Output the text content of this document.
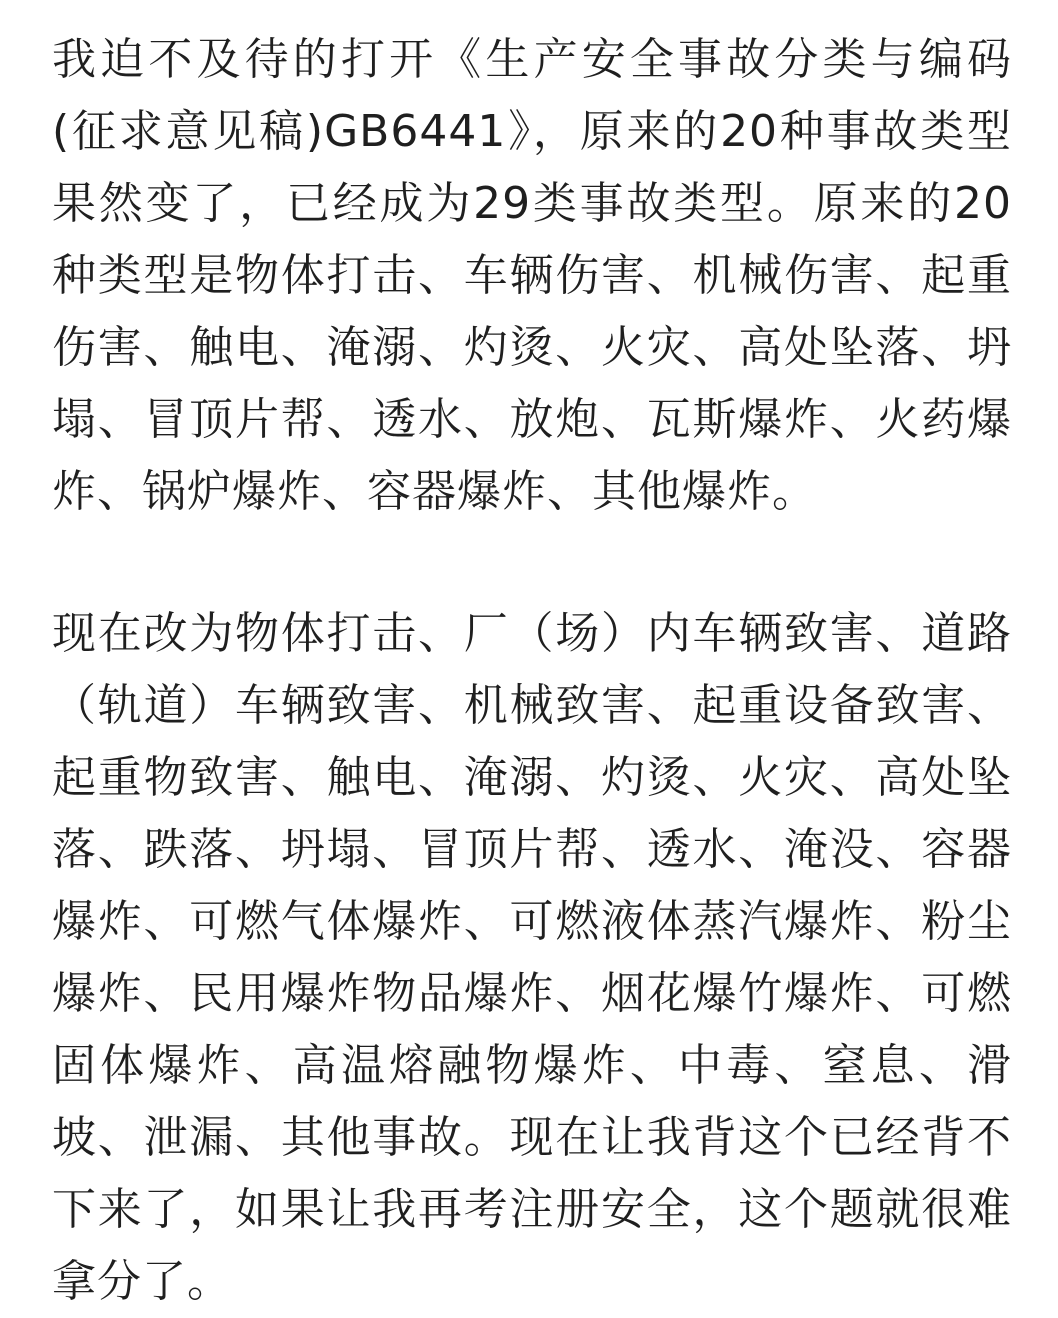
我迫不及待的打开《生产安全事故分类与编码(征求意见稿)GB6441》，原来的20种事故类型果然变了，已经成为29类事故类型。原来的20种类型是物体打击、车辆伤害、机械伤害、起重伤害、触电、淹溺、灼烫、火灾、高处坠落、坍塌、冒顶片帮、透水、放炮、瓦斯爆炸、火药爆炸、锅炉爆炸、容器爆炸、其他爆炸。

现在改为物体打击、厂（场）内车辆致害、道路（轨道）车辆致害、机械致害、起重设备致害、起重物致害、触电、淹溺、灼烫、火灾、高处坠落、跌落、坍塌、冒顶片帮、透水、淹没、容器爆炸、可燃气体爆炸、可燃液体蒸汽爆炸、粉尘爆炸、民用爆炸物品爆炸、烟花爆竹爆炸、可燃固体爆炸、高温熔融物爆炸、中毒、窒息、滑坡、泄漏、其他事故。现在让我背这个已经背不下来了，如果让我再考注册安全，这个题就很难拿分了。
